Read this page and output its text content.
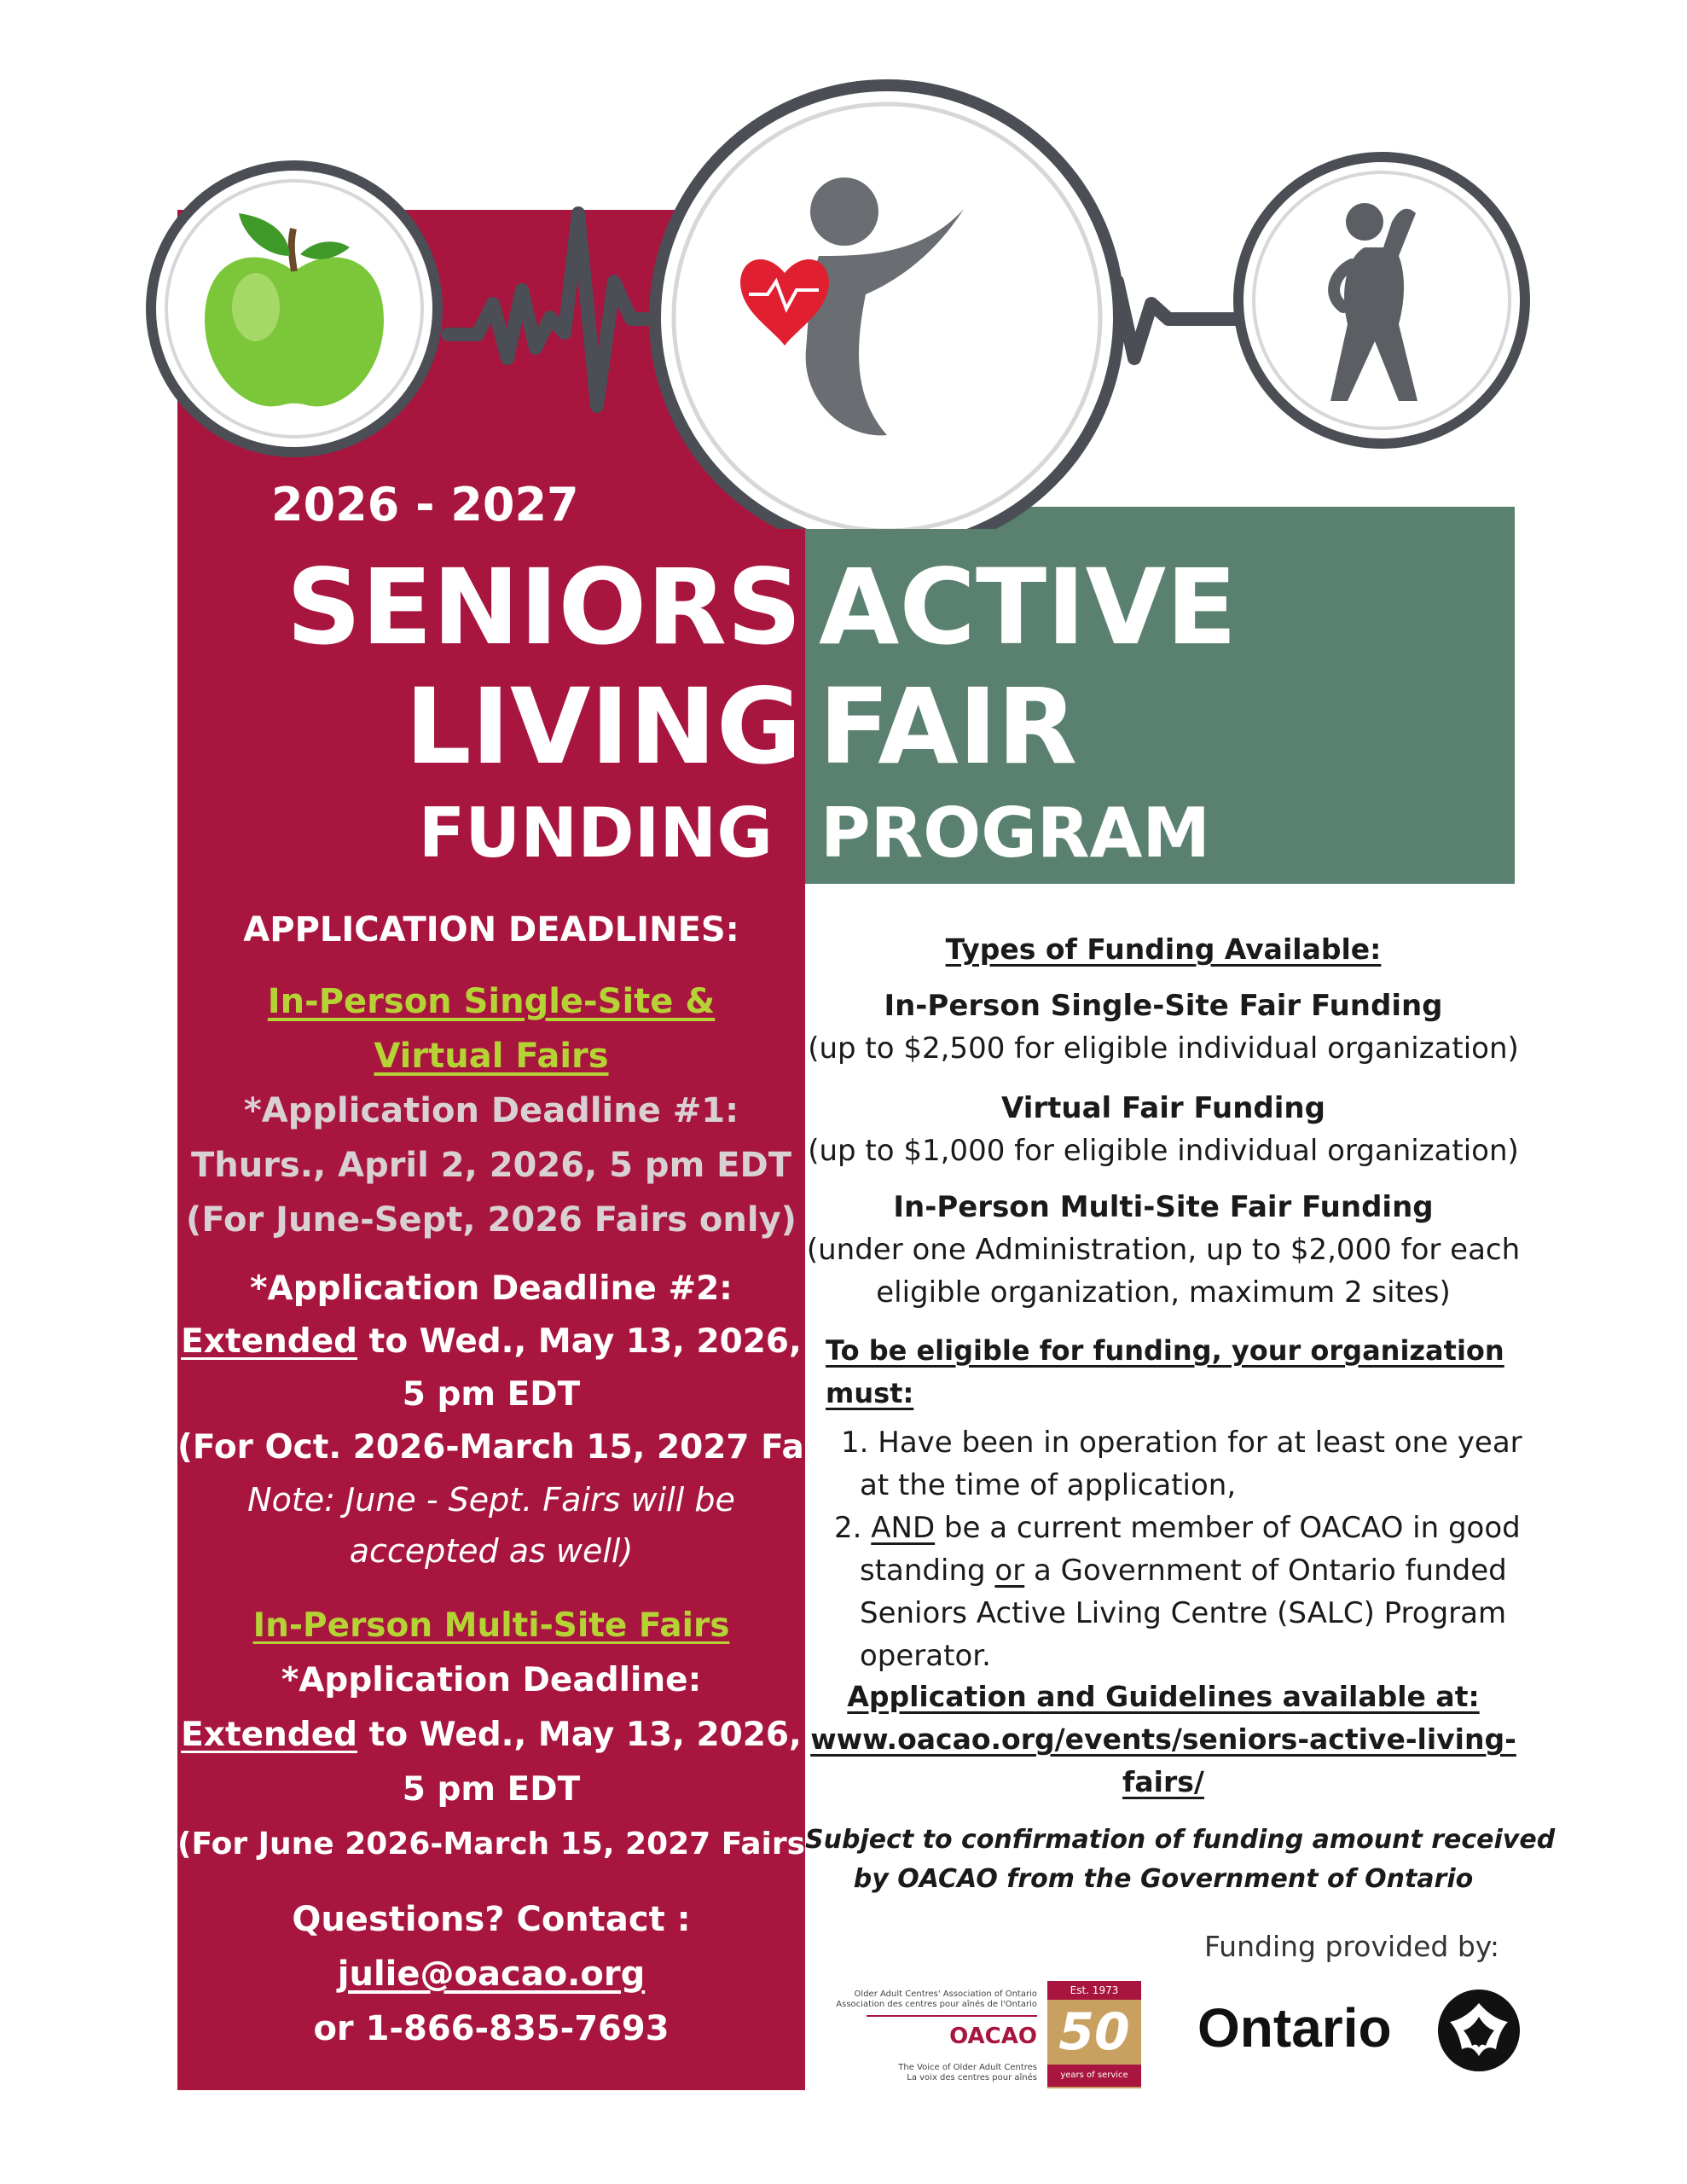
2026 - 2027
SENIORS
LIVING
ACTIVE
FAIR
FUNDING PROGRAM
APPLICATION DEADLINES:
In-Person Single-Site &
Virtual Fairs
*Application Deadline #1:
Thurs., April 2, 2026, 5 pm EDT
(For June-Sept, 2026 Fairs only)
*Application Deadline #2:
Extended to Wed., May 13, 2026,
5 pm EDT
(For Oct. 2026-March 15, 2027 Fairs.
Note: June - Sept. Fairs will be
accepted as well)
In-Person Multi-Site Fairs
*Application Deadline:
Extended to Wed., May 13, 2026,
5 pm EDT
(For June 2026-March 15, 2027 Fairs)
Questions? Contact :
julie@oacao.org
or 1-866-835-7693
Types of Funding Available:
In-Person Single-Site Fair Funding
(up to $2,500 for eligible individual organization)
Virtual Fair Funding
(up to $1,000 for eligible individual organization)
In-Person Multi-Site Fair Funding
(under one Administration, up to $2,000 for each
eligible organization, maximum 2 sites)
To be eligible for funding, your organization
must:
1. Have been in operation for at least one year
at the time of application,
2. AND be a current member of OACAO in good
standing or a Government of Ontario funded
Seniors Active Living Centre (SALC) Program
operator.
Application and Guidelines available at:
www.oacao.org/events/seniors-active-living-
fairs/
Subject to confirmation of funding amount received
by OACAO from the Government of Ontario
Funding provided by:
Older Adult Centres' Association of Ontario
Association des centres pour aînés de l'Ontario
OACAO
The Voice of Older Adult Centres
La voix des centres pour aînés
Est. 1973
50
years of service
Ontario
